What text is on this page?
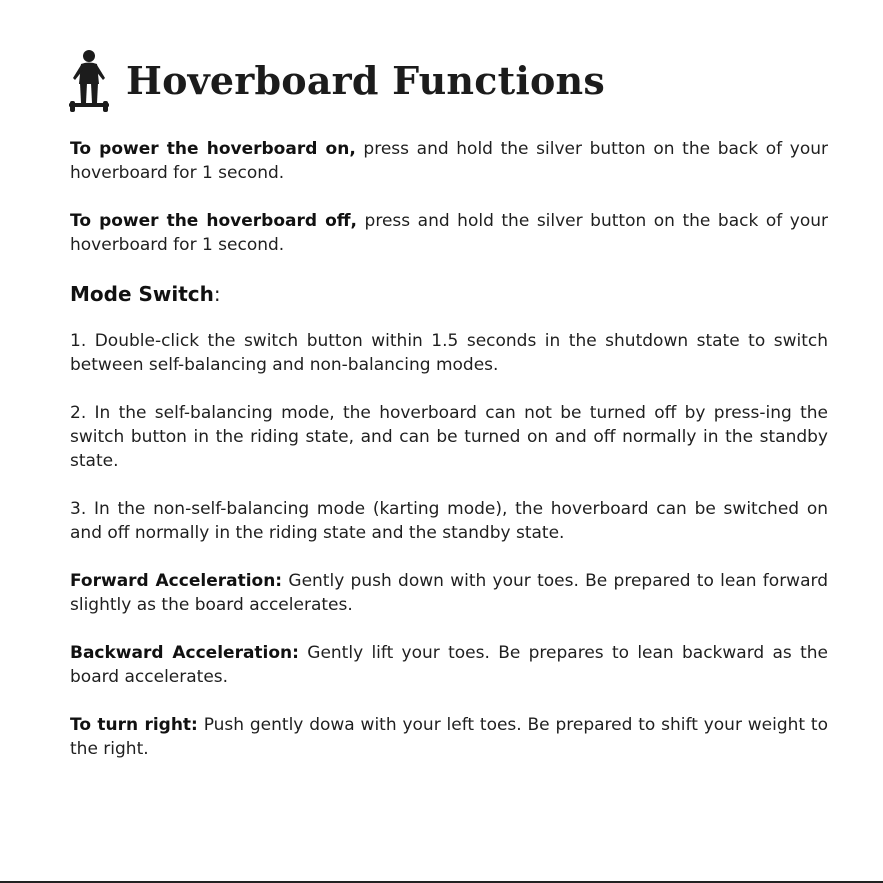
Hoverboard Functions

To power the hoverboard on, press and hold the silver button on the back of your hoverboard for 1 second.

To power the hoverboard off, press and hold the silver button on the back of your hoverboard for 1 second.

Mode Switch:

1. Double-click the switch button within 1.5 seconds in the shutdown state to switch between self-balancing and non-balancing modes.

2. In the self-balancing mode, the hoverboard can not be turned off by press-ing the switch button in the riding state, and can be turned on and off normally in the standby state.

3. In the non-self-balancing mode (karting mode), the hoverboard can be switched on and off normally in the riding state and the standby state.

Forward Acceleration: Gently push down with your toes. Be prepared to lean forward slightly as the board accelerates.

Backward Acceleration: Gently lift your toes. Be prepares to lean backward as the board accelerates.

To turn right: Push gently dowa with your left toes. Be prepared to shift your weight to the right.
